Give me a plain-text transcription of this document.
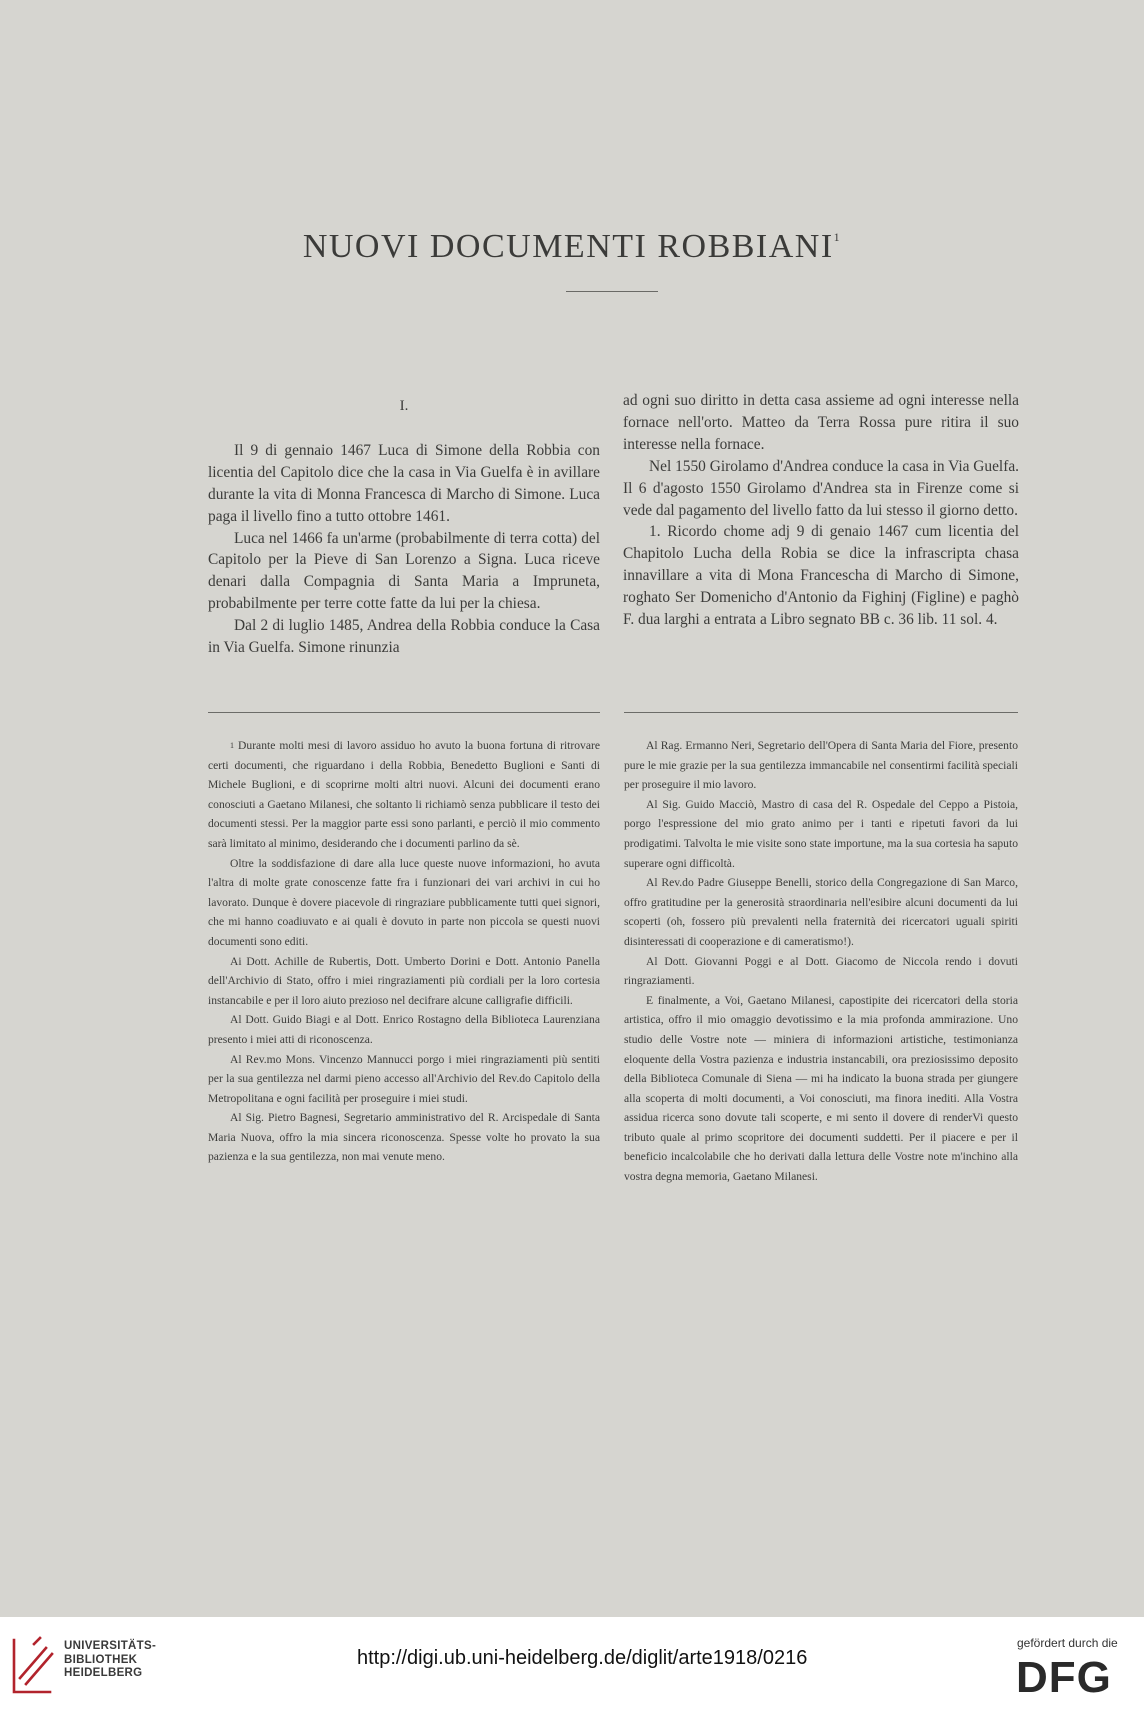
NUOVI DOCUMENTI ROBBIANI$^1$

I.

Il 9 di gennaio 1467 Luca di Simone della Robbia con licentia del Capitolo dice che la casa in Via Guelfa è in avillare durante la vita di Monna Francesca di Marcho di Simone. Luca paga il livello fino a tutto ottobre 1461.

Luca nel 1466 fa un'arme (probabilmente di terra cotta) del Capitolo per la Pieve di San Lorenzo a Signa. Luca riceve denari dalla Compagnia di Santa Maria a Impruneta, probabilmente per terre cotte fatte da lui per la chiesa.

Dal 2 di luglio 1485, Andrea della Robbia conduce la Casa in Via Guelfa. Simone rinunzia

ad ogni suo diritto in detta casa assieme ad ogni interesse nella fornace nell'orto. Matteo da Terra Rossa pure ritira il suo interesse nella fornace.

Nel 1550 Girolamo d'Andrea conduce la casa in Via Guelfa. Il 6 d'agosto 1550 Girolamo d'Andrea sta in Firenze come si vede dal pagamento del livello fatto da lui stesso il giorno detto.

1. Ricordo chome adj 9 di genaio 1467 cum licentia del Chapitolo Lucha della Robia se dice la infrascripta chasa innavillare a vita di Mona Francescha di Marcho di Simone, roghato Ser Domenicho d'Antonio da Fighinj (Figline) e paghò F. dua larghi a entrata a Libro segnato BB c. 36 lib. 11 sol. 4.

$^1$ Durante molti mesi di lavoro assiduo ho avuto la buona fortuna di ritrovare certi documenti, che riguardano i della Robbia, Benedetto Buglioni e Santi di Michele Buglioni, e di scoprirne molti altri nuovi. Alcuni dei documenti erano conosciuti a Gaetano Milanesi, che soltanto li richiamò senza pubblicare il testo dei documenti stessi. Per la maggior parte essi sono parlanti, e perciò il mio commento sarà limitato al minimo, desiderando che i documenti parlino da sè.

Oltre la soddisfazione di dare alla luce queste nuove informazioni, ho avuta l'altra di molte grate conoscenze fatte fra i funzionari dei vari archivi in cui ho lavorato. Dunque è dovere piacevole di ringraziare pubblicamente tutti quei signori, che mi hanno coadiuvato e ai quali è dovuto in parte non piccola se questi nuovi documenti sono editi.

Ai Dott. Achille de Rubertis, Dott. Umberto Dorini e Dott. Antonio Panella dell'Archivio di Stato, offro i miei ringraziamenti più cordiali per la loro cortesia instancabile e per il loro aiuto prezioso nel decifrare alcune calligrafie difficili.

Al Dott. Guido Biagi e al Dott. Enrico Rostagno della Biblioteca Laurenziana presento i miei atti di riconoscenza.

Al Rev.mo Mons. Vincenzo Mannucci porgo i miei ringraziamenti più sentiti per la sua gentilezza nel darmi pieno accesso all'Archivio del Rev.do Capitolo della Metropolitana e ogni facilità per proseguire i miei studi.

Al Sig. Pietro Bagnesi, Segretario amministrativo del R. Arcispedale di Santa Maria Nuova, offro la mia sincera riconoscenza. Spesse volte ho provato la sua pazienza e la sua gentilezza, non mai venute meno.

Al Rag. Ermanno Neri, Segretario dell'Opera di Santa Maria del Fiore, presento pure le mie grazie per la sua gentilezza immancabile nel consentirmi facilità speciali per proseguire il mio lavoro.

Al Sig. Guido Macciò, Mastro di casa del R. Ospedale del Ceppo a Pistoia, porgo l'espressione del mio grato animo per i tanti e ripetuti favori da lui prodigatimi. Talvolta le mie visite sono state importune, ma la sua cortesia ha saputo superare ogni difficoltà.

Al Rev.do Padre Giuseppe Benelli, storico della Congregazione di San Marco, offro gratitudine per la generosità straordinaria nell'esibire alcuni documenti da lui scoperti (oh, fossero più prevalenti nella fraternità dei ricercatori uguali spiriti disinteressati di cooperazione e di cameratismo!).

Al Dott. Giovanni Poggi e al Dott. Giacomo de Niccola rendo i dovuti ringraziamenti.

E finalmente, a Voi, Gaetano Milanesi, capostipite dei ricercatori della storia artistica, offro il mio omaggio devotissimo e la mia profonda ammirazione. Uno studio delle Vostre note — miniera di informazioni artistiche, testimonianza eloquente della Vostra pazienza e industria instancabili, ora preziosissimo deposito della Biblioteca Comunale di Siena — mi ha indicato la buona strada per giungere alla scoperta di molti documenti, a Voi conosciuti, ma finora inediti. Alla Vostra assidua ricerca sono dovute tali scoperte, e mi sento il dovere di renderVi questo tributo quale al primo scopritore dei documenti suddetti. Per il piacere e per il beneficio incalcolabile che ho derivati dalla lettura delle Vostre note m'inchino alla vostra degna memoria, Gaetano Milanesi.

UNIVERSITÄTS-
BIBLIOTHEK
HEIDELBERG
http://digi.ub.uni-heidelberg.de/diglit/arte1918/0216
gefördert durch die
DFG
